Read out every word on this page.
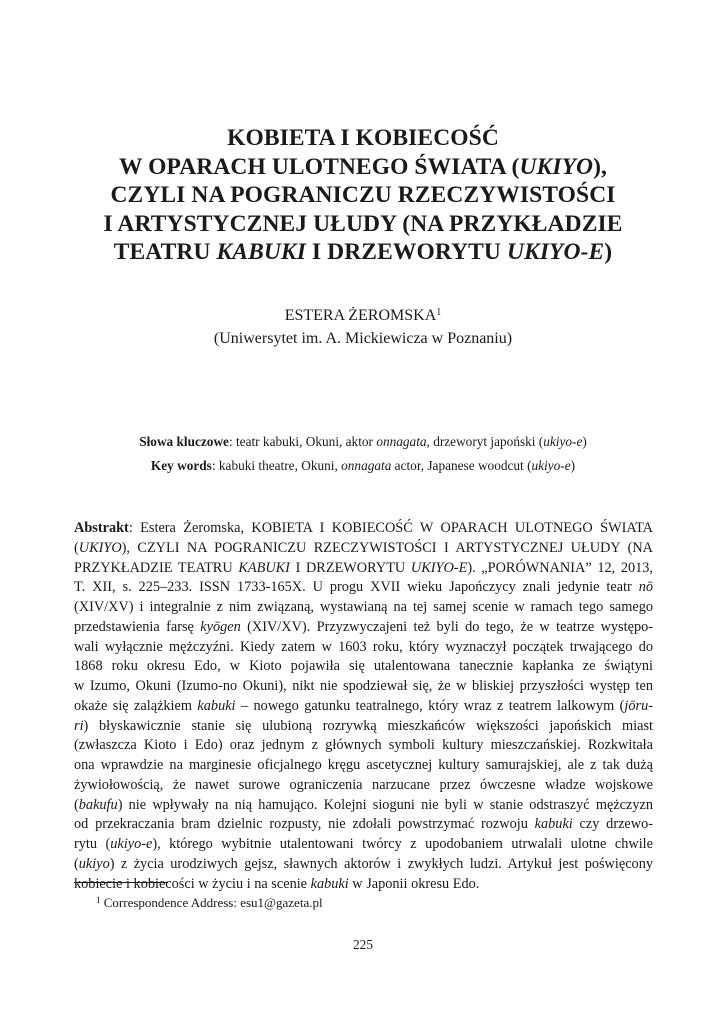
KOBIETA I KOBIECOŚĆ
W OPARACH ULOTNEGO ŚWIATA (UKIYO),
CZYLI NA POGRANICZU RZECZYWISTOŚCI
I ARTYSTYCZNEJ UŁUDY (NA PRZYKŁADZIE
TEATRU KABUKI I DRZEWORYTU UKIYO-E)
ESTERA ŻEROMSKA$^1$
(Uniwersytet im. A. Mickiewicza w Poznaniu)
Słowa kluczowe: teatr kabuki, Okuni, aktor onnagata, drzeworyt japoński (ukiyo-e)
Key words: kabuki theatre, Okuni, onnagata actor, Japanese woodcut (ukiyo-e)
Abstrakt: Estera Żeromska, KOBIETA I KOBIECOŚĆ W OPARACH ULOTNEGO ŚWIATA
(UKIYO), CZYLI NA POGRANICZU RZECZYWISTOŚCI I ARTYSTYCZNEJ UŁUDY (NA
PRZYKŁADZIE TEATRU KABUKI I DRZEWORYTU UKIYO-E). „PORÓWNANIA” 12, 2013,
T. XII, s. 225–233. ISSN 1733-165X. U progu XVII wieku Japończycy znali jedynie teatr nō
(XIV/XV) i integralnie z nim związaną, wystawianą na tej samej scenie w ramach tego samego
przedstawienia farsę kyōgen (XIV/XV). Przyzwyczajeni też byli do tego, że w teatrze występo-
wali wyłącznie mężczyźni. Kiedy zatem w 1603 roku, który wyznaczył początek trwającego do
1868 roku okresu Edo, w Kioto pojawiła się utalentowana tanecznie kapłanka ze świątyni
w Izumo, Okuni (Izumo-no Okuni), nikt nie spodziewał się, że w bliskiej przyszłości występ ten
okaże się zalążkiem kabuki – nowego gatunku teatralnego, który wraz z teatrem lalkowym (jōru-
ri) błyskawicznie stanie się ulubioną rozrywką mieszkańców większości japońskich miast
(zwłaszcza Kioto i Edo) oraz jednym z głównych symboli kultury mieszczańskiej. Rozkwitała
ona wprawdzie na marginesie oficjalnego kręgu ascetycznej kultury samurajskiej, ale z tak dużą
żywiołowością, że nawet surowe ograniczenia narzucane przez ówczesne władze wojskowe
(bakufu) nie wpływały na nią hamująco. Kolejni sioguni nie byli w stanie odstraszyć mężczyzn
od przekraczania bram dzielnic rozpusty, nie zdołali powstrzymać rozwoju kabuki czy drzewo-
rytu (ukiyo-e), którego wybitnie utalentowani twórcy z upodobaniem utrwalali ulotne chwile
(ukiyo) z życia urodziwych gejsz, sławnych aktorów i zwykłych ludzi. Artykuł jest poświęcony
kobiecie i kobiecości w życiu i na scenie kabuki w Japonii okresu Edo.
$^1$ Correspondence Address: esu1@gazeta.pl
225
